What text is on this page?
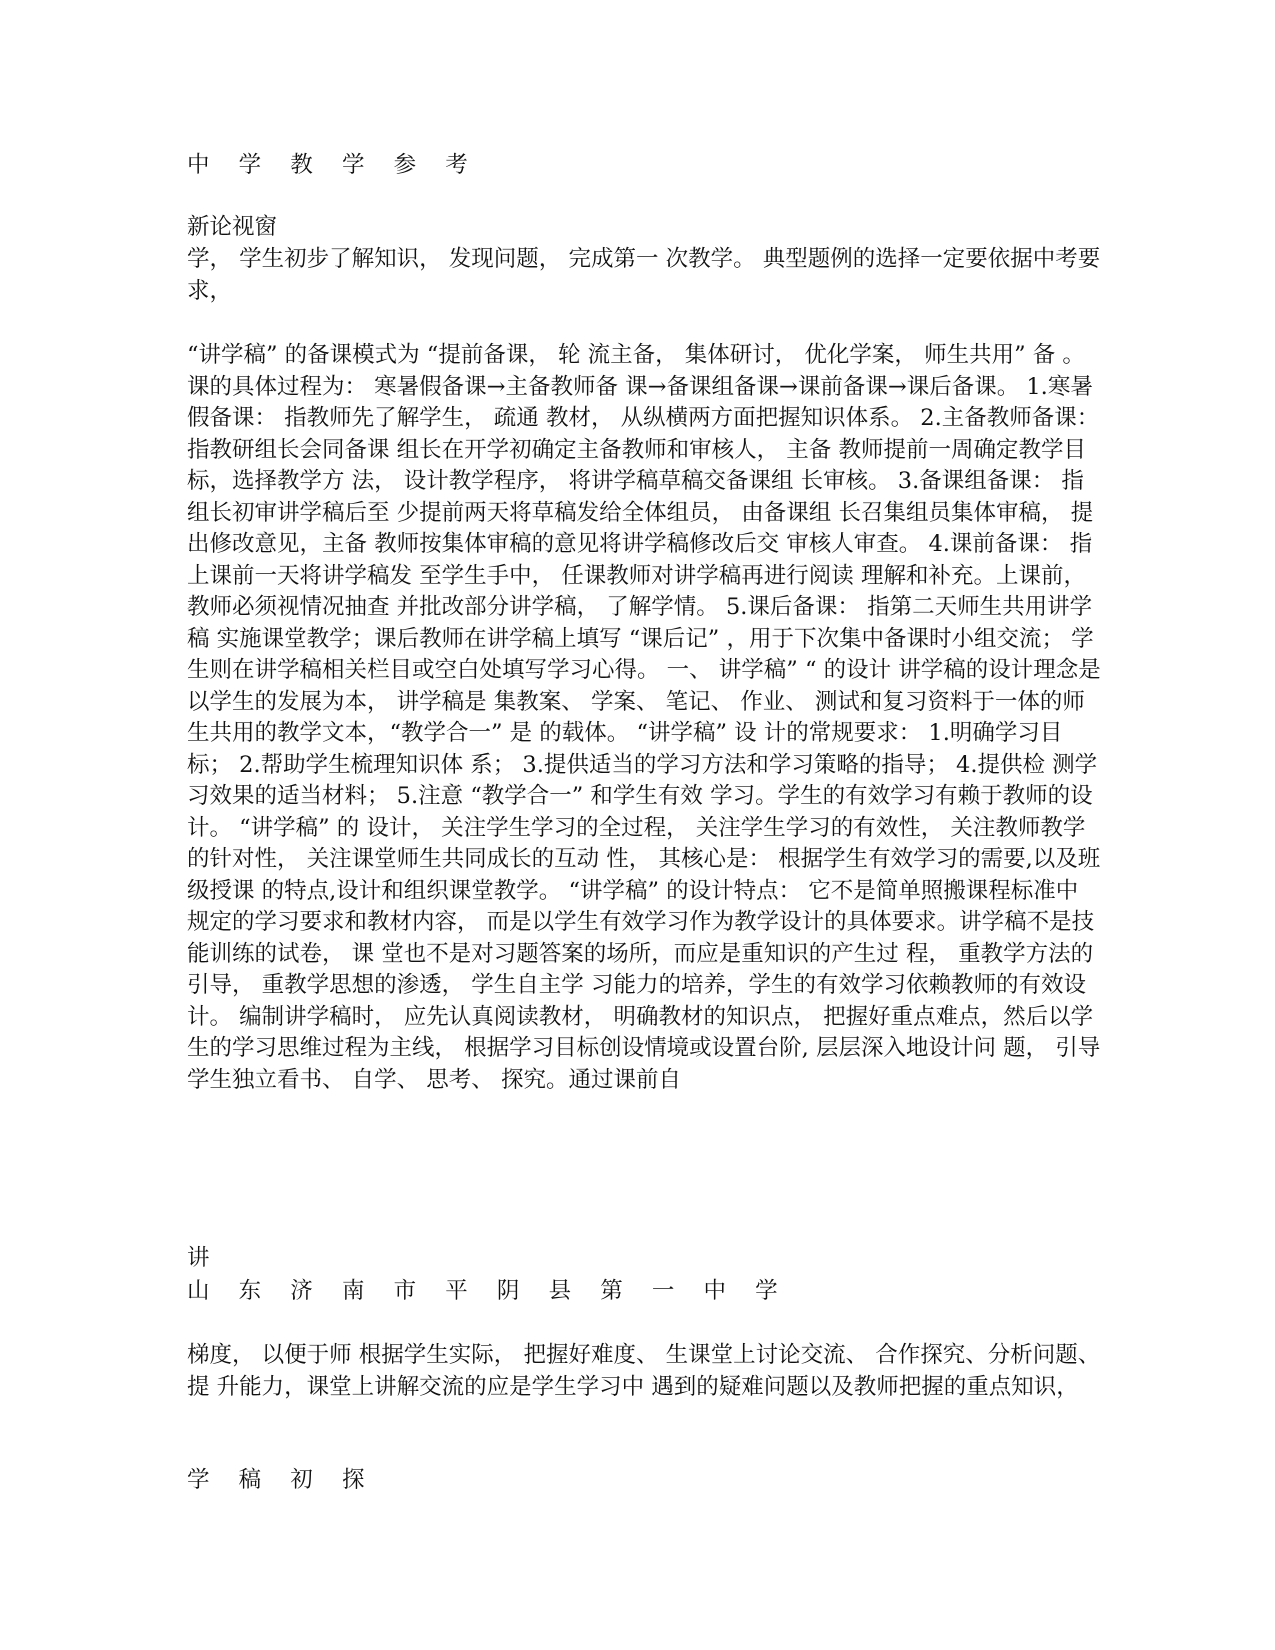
中 学 教 学 参 考

新论视窗

学， 学生初步了解知识， 发现问题， 完成第一 次教学。 典型题例的选择一定要依据中考要求，

“讲学稿” 的备课模式为 “提前备课， 轮 流主备， 集体研讨， 优化学案， 师生共用” 备 。 课的具体过程为： 寒暑假备课→主备教师备 课→备课组备课→课前备课→课后备课。 1.寒暑假备课： 指教师先了解学生， 疏通 教材， 从纵横两方面把握知识体系。 2.主备教师备课： 指教研组长会同备课 组长在开学初确定主备教师和审核人， 主备 教师提前一周确定教学目标，选择教学方 法， 设计教学程序， 将讲学稿草稿交备课组 长审核。 3.备课组备课： 指组长初审讲学稿后至 少提前两天将草稿发给全体组员， 由备课组 长召集组员集体审稿， 提出修改意见，主备 教师按集体审稿的意见将讲学稿修改后交 审核人审查。 4.课前备课： 指上课前一天将讲学稿发 至学生手中， 任课教师对讲学稿再进行阅读 理解和补充。上课前， 教师必须视情况抽查 并批改部分讲学稿， 了解学情。 5.课后备课： 指第二天师生共用讲学稿 实施课堂教学；课后教师在讲学稿上填写 “课后记” ，用于下次集中备课时小组交流； 学生则在讲学稿相关栏目或空白处填写学习心得。 一、 讲学稿” “ 的设计 讲学稿的设计理念是以学生的发展为本， 讲学稿是 集教案、 学案、 笔记、 作业、 测试和复习资料于一体的师 生共用的教学文本，“教学合一” 是 的载体。 “讲学稿” 设 计的常规要求： 1.明确学习目标； 2.帮助学生梳理知识体 系； 3.提供适当的学习方法和学习策略的指导； 4.提供检 测学习效果的适当材料； 5.注意 “教学合一” 和学生有效 学习。学生的有效学习有赖于教师的设计。 “讲学稿” 的 设计， 关注学生学习的全过程， 关注学生学习的有效性， 关注教师教学的针对性， 关注课堂师生共同成长的互动 性， 其核心是： 根据学生有效学习的需要,以及班级授课 的特点,设计和组织课堂教学。 “讲学稿” 的设计特点： 它不是简单照搬课程标准中 规定的学习要求和教材内容， 而是以学生有效学习作为教学设计的具体要求。讲学稿不是技能训练的试卷， 课 堂也不是对习题答案的场所，而应是重知识的产生过 程， 重教学方法的引导， 重教学思想的渗透， 学生自主学 习能力的培养，学生的有效学习依赖教师的有效设计。 编制讲学稿时， 应先认真阅读教材， 明确教材的知识点， 把握好重点难点，然后以学生的学习思维过程为主线， 根据学习目标创设情境或设置台阶, 层层深入地设计问 题， 引导学生独立看书、 自学、 思考、 探究。通过课前自

讲

山 东 济 南 市 平 阴 县 第 一 中 学

梯度， 以便于师 根据学生实际， 把握好难度、 生课堂上讨论交流、 合作探究、分析问题、 提 升能力，课堂上讲解交流的应是学生学习中 遇到的疑难问题以及教师把握的重点知识，

学 稿 初 探
